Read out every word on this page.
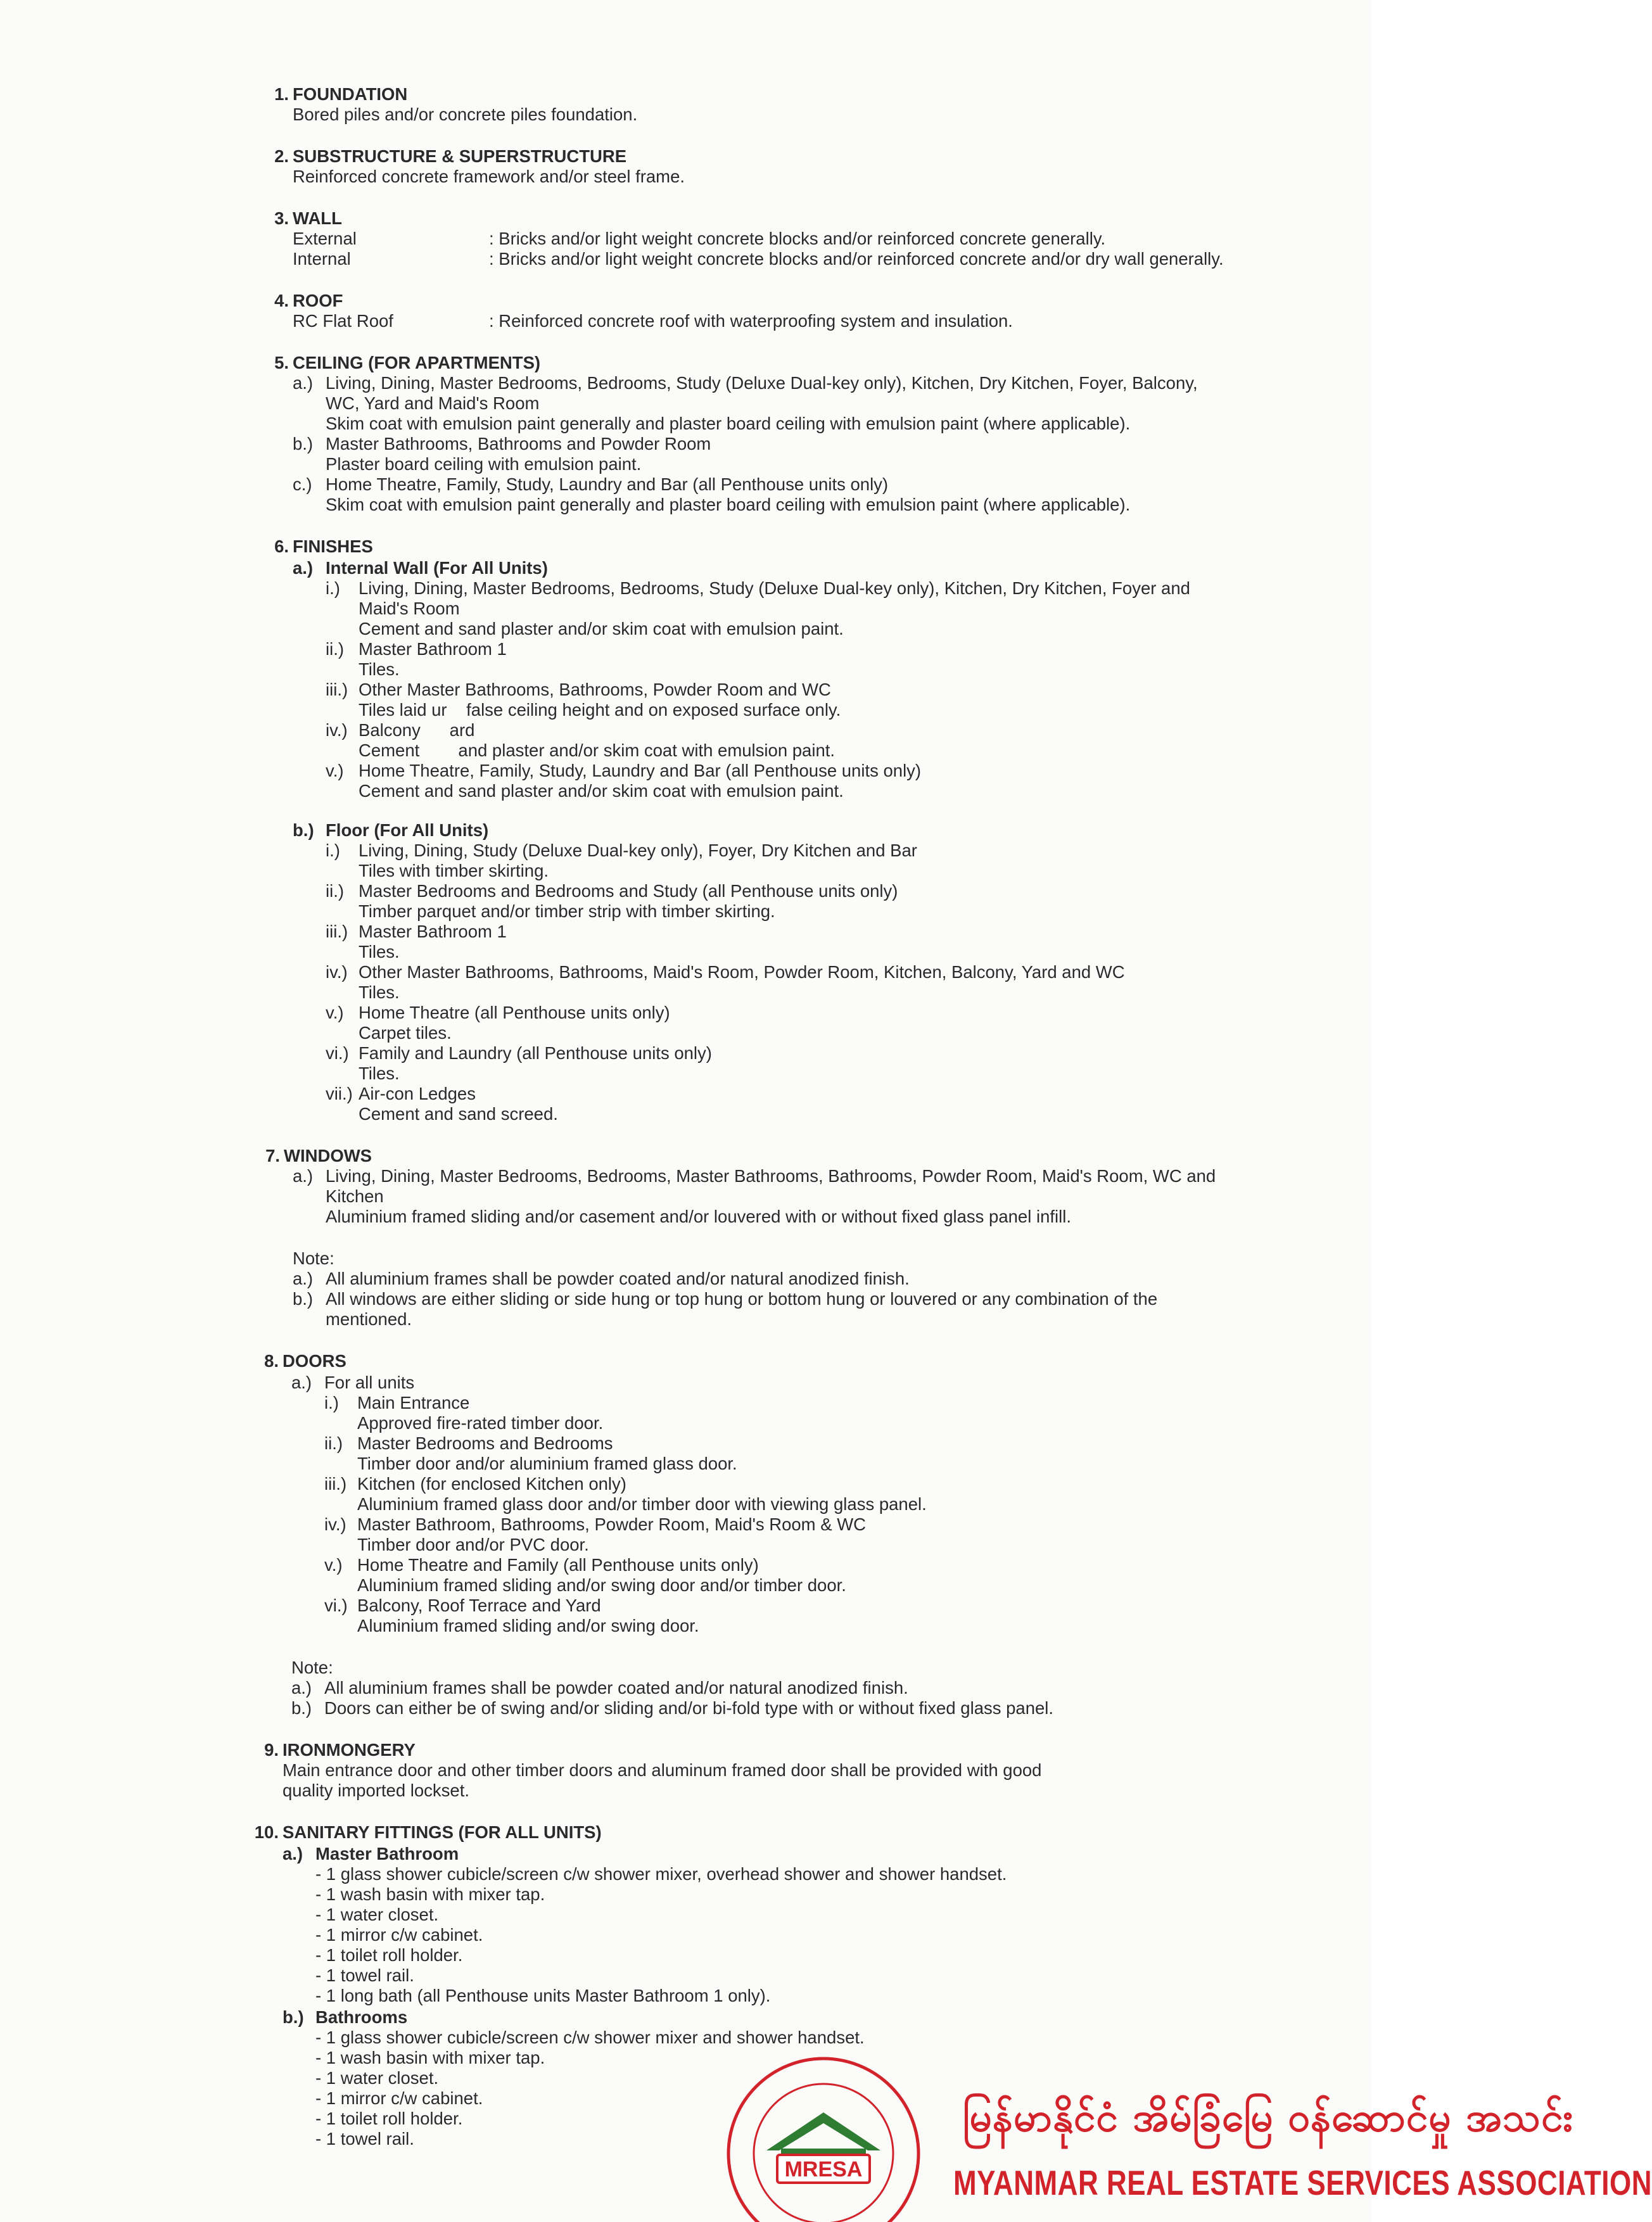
1. FOUNDATION
Bored piles and/or concrete piles foundation.
2. SUBSTRUCTURE & SUPERSTRUCTURE
Reinforced concrete framework and/or steel frame.
3. WALL
External	: Bricks and/or light weight concrete blocks and/or reinforced concrete generally.
Internal	: Bricks and/or light weight concrete blocks and/or reinforced concrete and/or dry wall generally.
4. ROOF
RC Flat Roof	: Reinforced concrete roof with waterproofing system and insulation.
5. CEILING (FOR APARTMENTS)
a.) Living, Dining, Master Bedrooms, Bedrooms, Study (Deluxe Dual-key only), Kitchen, Dry Kitchen, Foyer, Balcony,
WC, Yard and Maid's Room
Skim coat with emulsion paint generally and plaster board ceiling with emulsion paint (where applicable).
b.) Master Bathrooms, Bathrooms and Powder Room
Plaster board ceiling with emulsion paint.
c.) Home Theatre, Family, Study, Laundry and Bar (all Penthouse units only)
Skim coat with emulsion paint generally and plaster board ceiling with emulsion paint (where applicable).
6. FINISHES
a.) Internal Wall (For All Units)
i.) Living, Dining, Master Bedrooms, Bedrooms, Study (Deluxe Dual-key only), Kitchen, Dry Kitchen, Foyer and
Maid's Room
Cement and sand plaster and/or skim coat with emulsion paint.
ii.) Master Bathroom 1
Tiles.
iii.) Other Master Bathrooms, Bathrooms, Powder Room and WC
Tiles laid ur    false ceiling height and on exposed surface only.
iv.) Balcony      ard
Cement        and plaster and/or skim coat with emulsion paint.
v.) Home Theatre, Family, Study, Laundry and Bar (all Penthouse units only)
Cement and sand plaster and/or skim coat with emulsion paint.
b.) Floor (For All Units)
i.) Living, Dining, Study (Deluxe Dual-key only), Foyer, Dry Kitchen and Bar
Tiles with timber skirting.
ii.) Master Bedrooms and Bedrooms and Study (all Penthouse units only)
Timber parquet and/or timber strip with timber skirting.
iii.) Master Bathroom 1
Tiles.
iv.) Other Master Bathrooms, Bathrooms, Maid's Room, Powder Room, Kitchen, Balcony, Yard and WC
Tiles.
v.) Home Theatre (all Penthouse units only)
Carpet tiles.
vi.) Family and Laundry (all Penthouse units only)
Tiles.
vii.) Air-con Ledges
Cement and sand screed.
7. WINDOWS
a.) Living, Dining, Master Bedrooms, Bedrooms, Master Bathrooms, Bathrooms, Powder Room, Maid's Room, WC and
Kitchen
Aluminium framed sliding and/or casement and/or louvered with or without fixed glass panel infill.
Note:
a.) All aluminium frames shall be powder coated and/or natural anodized finish.
b.) All windows are either sliding or side hung or top hung or bottom hung or louvered or any combination of the
mentioned.
8. DOORS
a.) For all units
i.) Main Entrance
Approved fire-rated timber door.
ii.) Master Bedrooms and Bedrooms
Timber door and/or aluminium framed glass door.
iii.) Kitchen (for enclosed Kitchen only)
Aluminium framed glass door and/or timber door with viewing glass panel.
iv.) Master Bathroom, Bathrooms, Powder Room, Maid's Room & WC
Timber door and/or PVC door.
v.) Home Theatre and Family (all Penthouse units only)
Aluminium framed sliding and/or swing door and/or timber door.
vi.) Balcony, Roof Terrace and Yard
Aluminium framed sliding and/or swing door.
Note:
a.) All aluminium frames shall be powder coated and/or natural anodized finish.
b.) Doors can either be of swing and/or sliding and/or bi-fold type with or without fixed glass panel.
9. IRONMONGERY
Main entrance door and other timber doors and aluminum framed door shall be provided with good
quality imported lockset.
10. SANITARY FITTINGS (FOR ALL UNITS)
a.) Master Bathroom
- 1 glass shower cubicle/screen c/w shower mixer, overhead shower and shower handset.
- 1 wash basin with mixer tap.
- 1 water closet.
- 1 mirror c/w cabinet.
- 1 toilet roll holder.
- 1 towel rail.
- 1 long bath (all Penthouse units Master Bathroom 1 only).
b.) Bathrooms
- 1 glass shower cubicle/screen c/w shower mixer and shower handset.
- 1 wash basin with mixer tap.
- 1 water closet.
- 1 mirror c/w cabinet.
- 1 toilet roll holder.
- 1 towel rail.
MRESA
မြန်မာနိုင်ငံ အိမ်ခြံမြေ ဝန်ဆောင်မှု အသင်း
MYANMAR REAL ESTATE SERVICES ASSOCIATION
